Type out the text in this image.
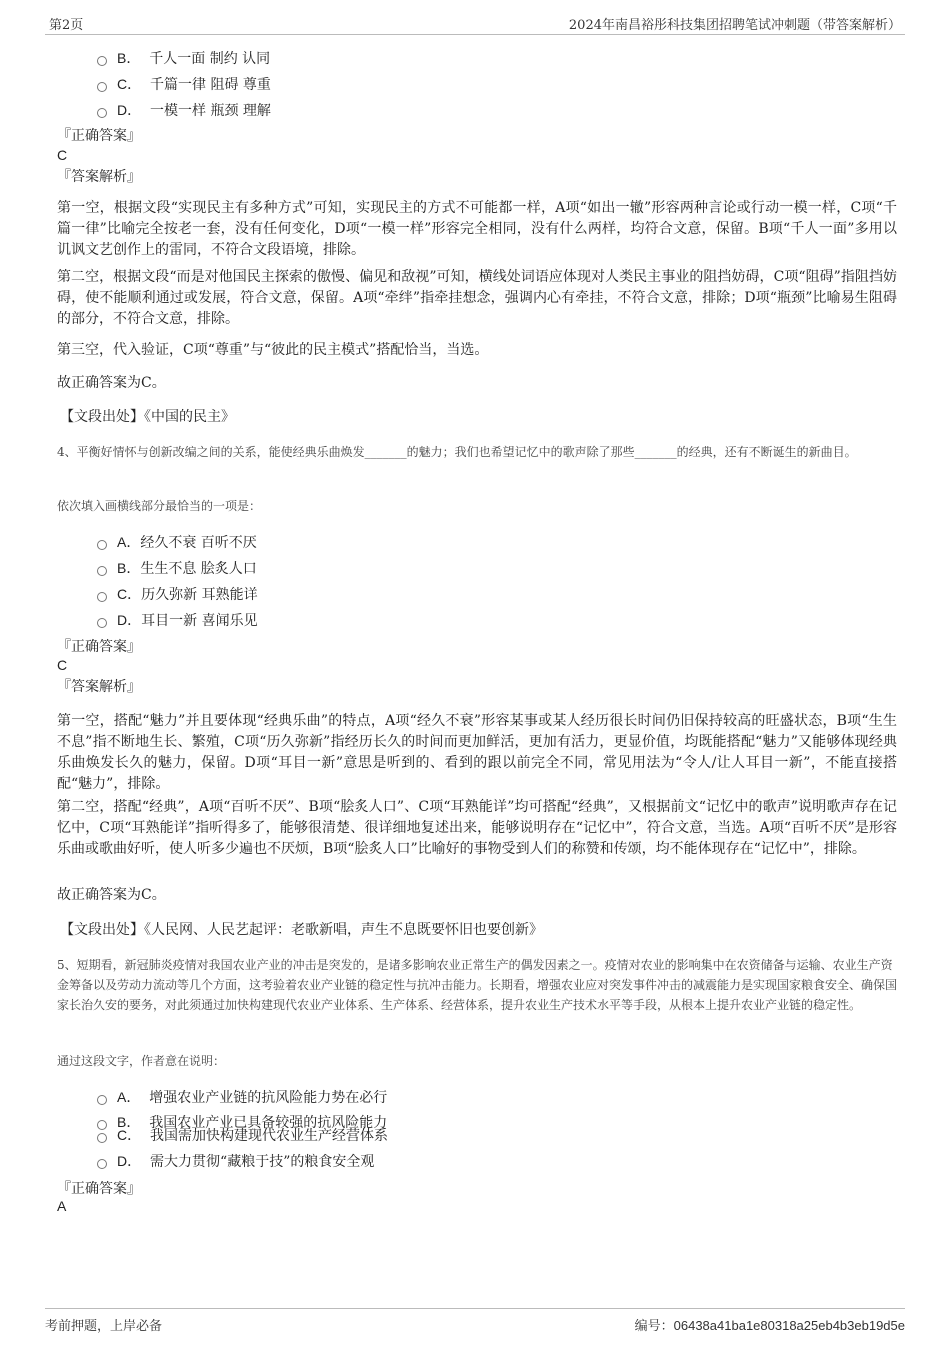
第2页	2024年南昌裕彤科技集团招聘笔试冲刺题（带答案解析）
B． 千人一面 制约 认同
C． 千篇一律 阻碍 尊重
D． 一模一样 瓶颈 理解
『正确答案』
C
『答案解析』

第一空，根据文段“实现民主有多种方式”可知，实现民主的方式不可能都一样，A项“如出一辙”形容两种言论或行动一模一样，C项“千篇一律”比喻完全按老一套，没有任何变化，D项“一模一样”形容完全相同，没有什么两样，均符合文意，保留。B项“千人一面”多用以讥讽文艺创作上的雷同，不符合文段语境，排除。

第二空，根据文段“而是对他国民主探索的傲慢、偏见和敌视”可知，横线处词语应体现对人类民主事业的阻挡妨碍，C项“阻碍”指阻挡妨碍，使不能顺利通过或发展，符合文意，保留。A项“牵绊”指牵挂想念，强调内心有牵挂，不符合文意，排除；D项“瓶颈”比喻易生阻碍的部分，不符合文意，排除。

第三空，代入验证，C项“尊重”与“彼此的民主模式”搭配恰当，当选。

故正确答案为C。

【文段出处】《中国的民主》

4、平衡好情怀与创新改编之间的关系，能使经典乐曲焕发_______的魅力；我们也希望记忆中的歌声除了那些_______的经典，还有不断诞生的新曲目。

依次填入画横线部分最恰当的一项是：
A．经久不衰 百听不厌
B．生生不息 脍炙人口
C．历久弥新 耳熟能详
D．耳目一新 喜闻乐见
『正确答案』
C
『答案解析』

第一空，搭配“魅力”并且要体现“经典乐曲”的特点，A项“经久不衰”形容某事或某人经历很长时间仍旧保持较高的旺盛状态，B项“生生不息”指不断地生长、繁殖，C项“历久弥新”指经历长久的时间而更加鲜活，更加有活力，更显价值，均既能搭配“魅力”又能够体现经典乐曲焕发长久的魅力，保留。D项“耳目一新”意思是听到的、看到的跟以前完全不同，常见用法为“令人/让人耳目一新”，不能直接搭配“魅力”，排除。

第二空，搭配“经典”，A项“百听不厌”、B项“脍炙人口”、C项“耳熟能详”均可搭配“经典”，又根据前文“记忆中的歌声”说明歌声存在记忆中，C项“耳熟能详”指听得多了，能够很清楚、很详细地复述出来，能够说明存在“记忆中”，符合文意，当选。A项“百听不厌”是形容乐曲或歌曲好听，使人听多少遍也不厌烦，B项“脍炙人口”比喻好的事物受到人们的称赞和传颂，均不能体现存在“记忆中”，排除。

故正确答案为C。

【文段出处】《人民网、人民艺起评：老歌新唱，声生不息既要怀旧也要创新》

5、短期看，新冠肺炎疫情对我国农业产业的冲击是突发的，是诸多影响农业正常生产的偶发因素之一。疫情对农业的影响集中在农资储备与运输、农业生产资金筹备以及劳动力流动等几个方面，这考验着农业产业链的稳定性与抗冲击能力。长期看，增强农业应对突发事件冲击的减震能力是实现国家粮食安全、确保国家长治久安的要务，对此须通过加快构建现代农业产业体系、生产体系、经营体系，提升农业生产技术水平等手段，从根本上提升农业产业链的稳定性。

通过这段文字，作者意在说明：
A． 增强农业产业链的抗风险能力势在必行
B． 我国农业产业已具备较强的抗风险能力
C． 我国需加快构建现代农业生产经营体系
D． 需大力贯彻“藏粮于技”的粮食安全观
『正确答案』
A
考前押题，上岸必备	编号：06438a41ba1e80318a25eb4b3eb19d5e
